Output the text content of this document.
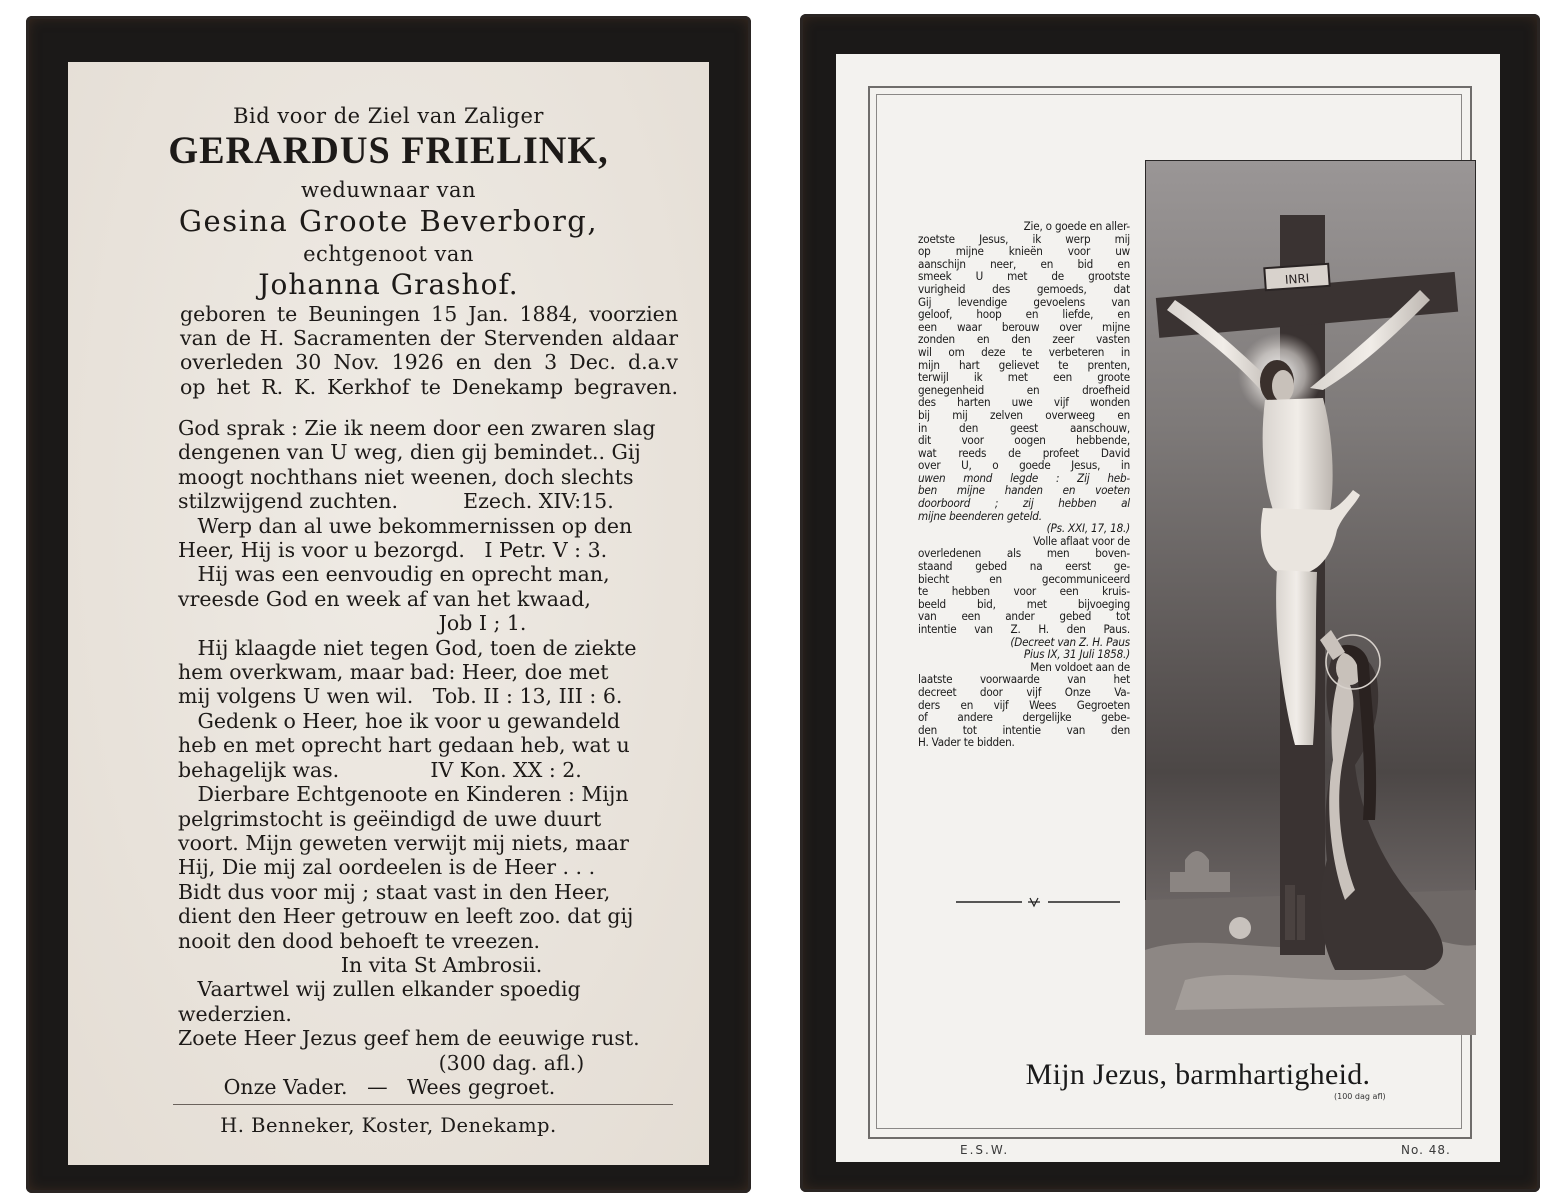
Bid voor de Ziel van Zaliger
GERARDUS FRIELINK,
weduwnaar van
Gesina Groote Beverborg,
echtgenoot van
Johanna Grashof.
geboren te Beuningen 15 Jan. 1884, voorzien
van de H. Sacramenten der Stervenden aldaar
overleden 30 Nov. 1926 en den 3 Dec. d.a.v
op het R. K. Kerkhof te Denekamp begraven.
God sprak : Zie ik neem door een zwaren slag
dengenen van U weg, dien gij bemindet.. Gij
moogt nochthans niet weenen, doch slechts
stilzwijgend zuchten.          Ezech. XIV:15.
Werp dan al uwe bekommernissen op den
Heer, Hij is voor u bezorgd.   I Petr. V : 3.
Hij was een eenvoudig en oprecht man,
vreesde God en week af van het kwaad,
Job I ; 1.
Hij klaagde niet tegen God, toen de ziekte
hem overkwam, maar bad: Heer, doe met
mij volgens U wen wil.   Tob. II : 13, III : 6.
Gedenk o Heer, hoe ik voor u gewandeld
heb en met oprecht hart gedaan heb, wat u
behagelijk was.              IV Kon. XX : 2.
Dierbare Echtgenoote en Kinderen : Mijn
pelgrimstocht is geëindigd de uwe duurt
voort. Mijn geweten verwijt mij niets, maar
Hij, Die mij zal oordeelen is de Heer . . .
Bidt dus voor mij ; staat vast in den Heer,
dient den Heer getrouw en leeft zoo. dat gij
nooit den dood behoeft te vreezen.
In vita St Ambrosii.
Vaartwel wij zullen elkander spoedig
wederzien.
Zoete Heer Jezus geef hem de eeuwige rust.
(300 dag. afl.)
Onze Vader.   —   Wees gegroet.
H. Benneker, Koster, Denekamp.
Zie, o goede en aller-
zoetste Jesus, ik werp mij
op mijne knieën voor uw
aanschijn neer, en bid en
smeek U met de grootste
vurigheid des gemoeds, dat
Gij levendige gevoelens van
geloof, hoop en liefde, en
een waar berouw over mijne
zonden en den zeer vasten
wil om deze te verbeteren in
mijn hart gelievet te prenten,
terwijl ik met een groote
genegenheid en droefheid
des harten uwe vijf wonden
bij mij zelven overweeg en
in den geest aanschouw,
dit voor oogen hebbende,
wat reeds de profeet David
over U, o goede Jesus, in
uwen mond legde : Zij heb-
ben mijne handen en voeten
doorboord ; zij hebben al
mijne beenderen geteld.
(Ps. XXI, 17, 18.)
Volle aflaat voor de
overledenen als men boven-
staand gebed na eerst ge-
biecht en gecommuniceerd
te hebben voor een kruis-
beeld bid, met bijvoeging
van een ander gebed tot
intentie van Z. H. den Paus.
(Decreet van Z. H. Paus
Pius IX, 31 Juli 1858.)
Men voldoet aan de
laatste voorwaarde van het
decreet door vijf Onze Va-
ders en vijf Wees Gegroeten
of andere dergelijke gebe-
den tot intentie van den
H. Vader te bidden.
INRI
Mijn Jezus, barmhartigheid.
(100 dag afl)
E.S.W.	No. 48.
